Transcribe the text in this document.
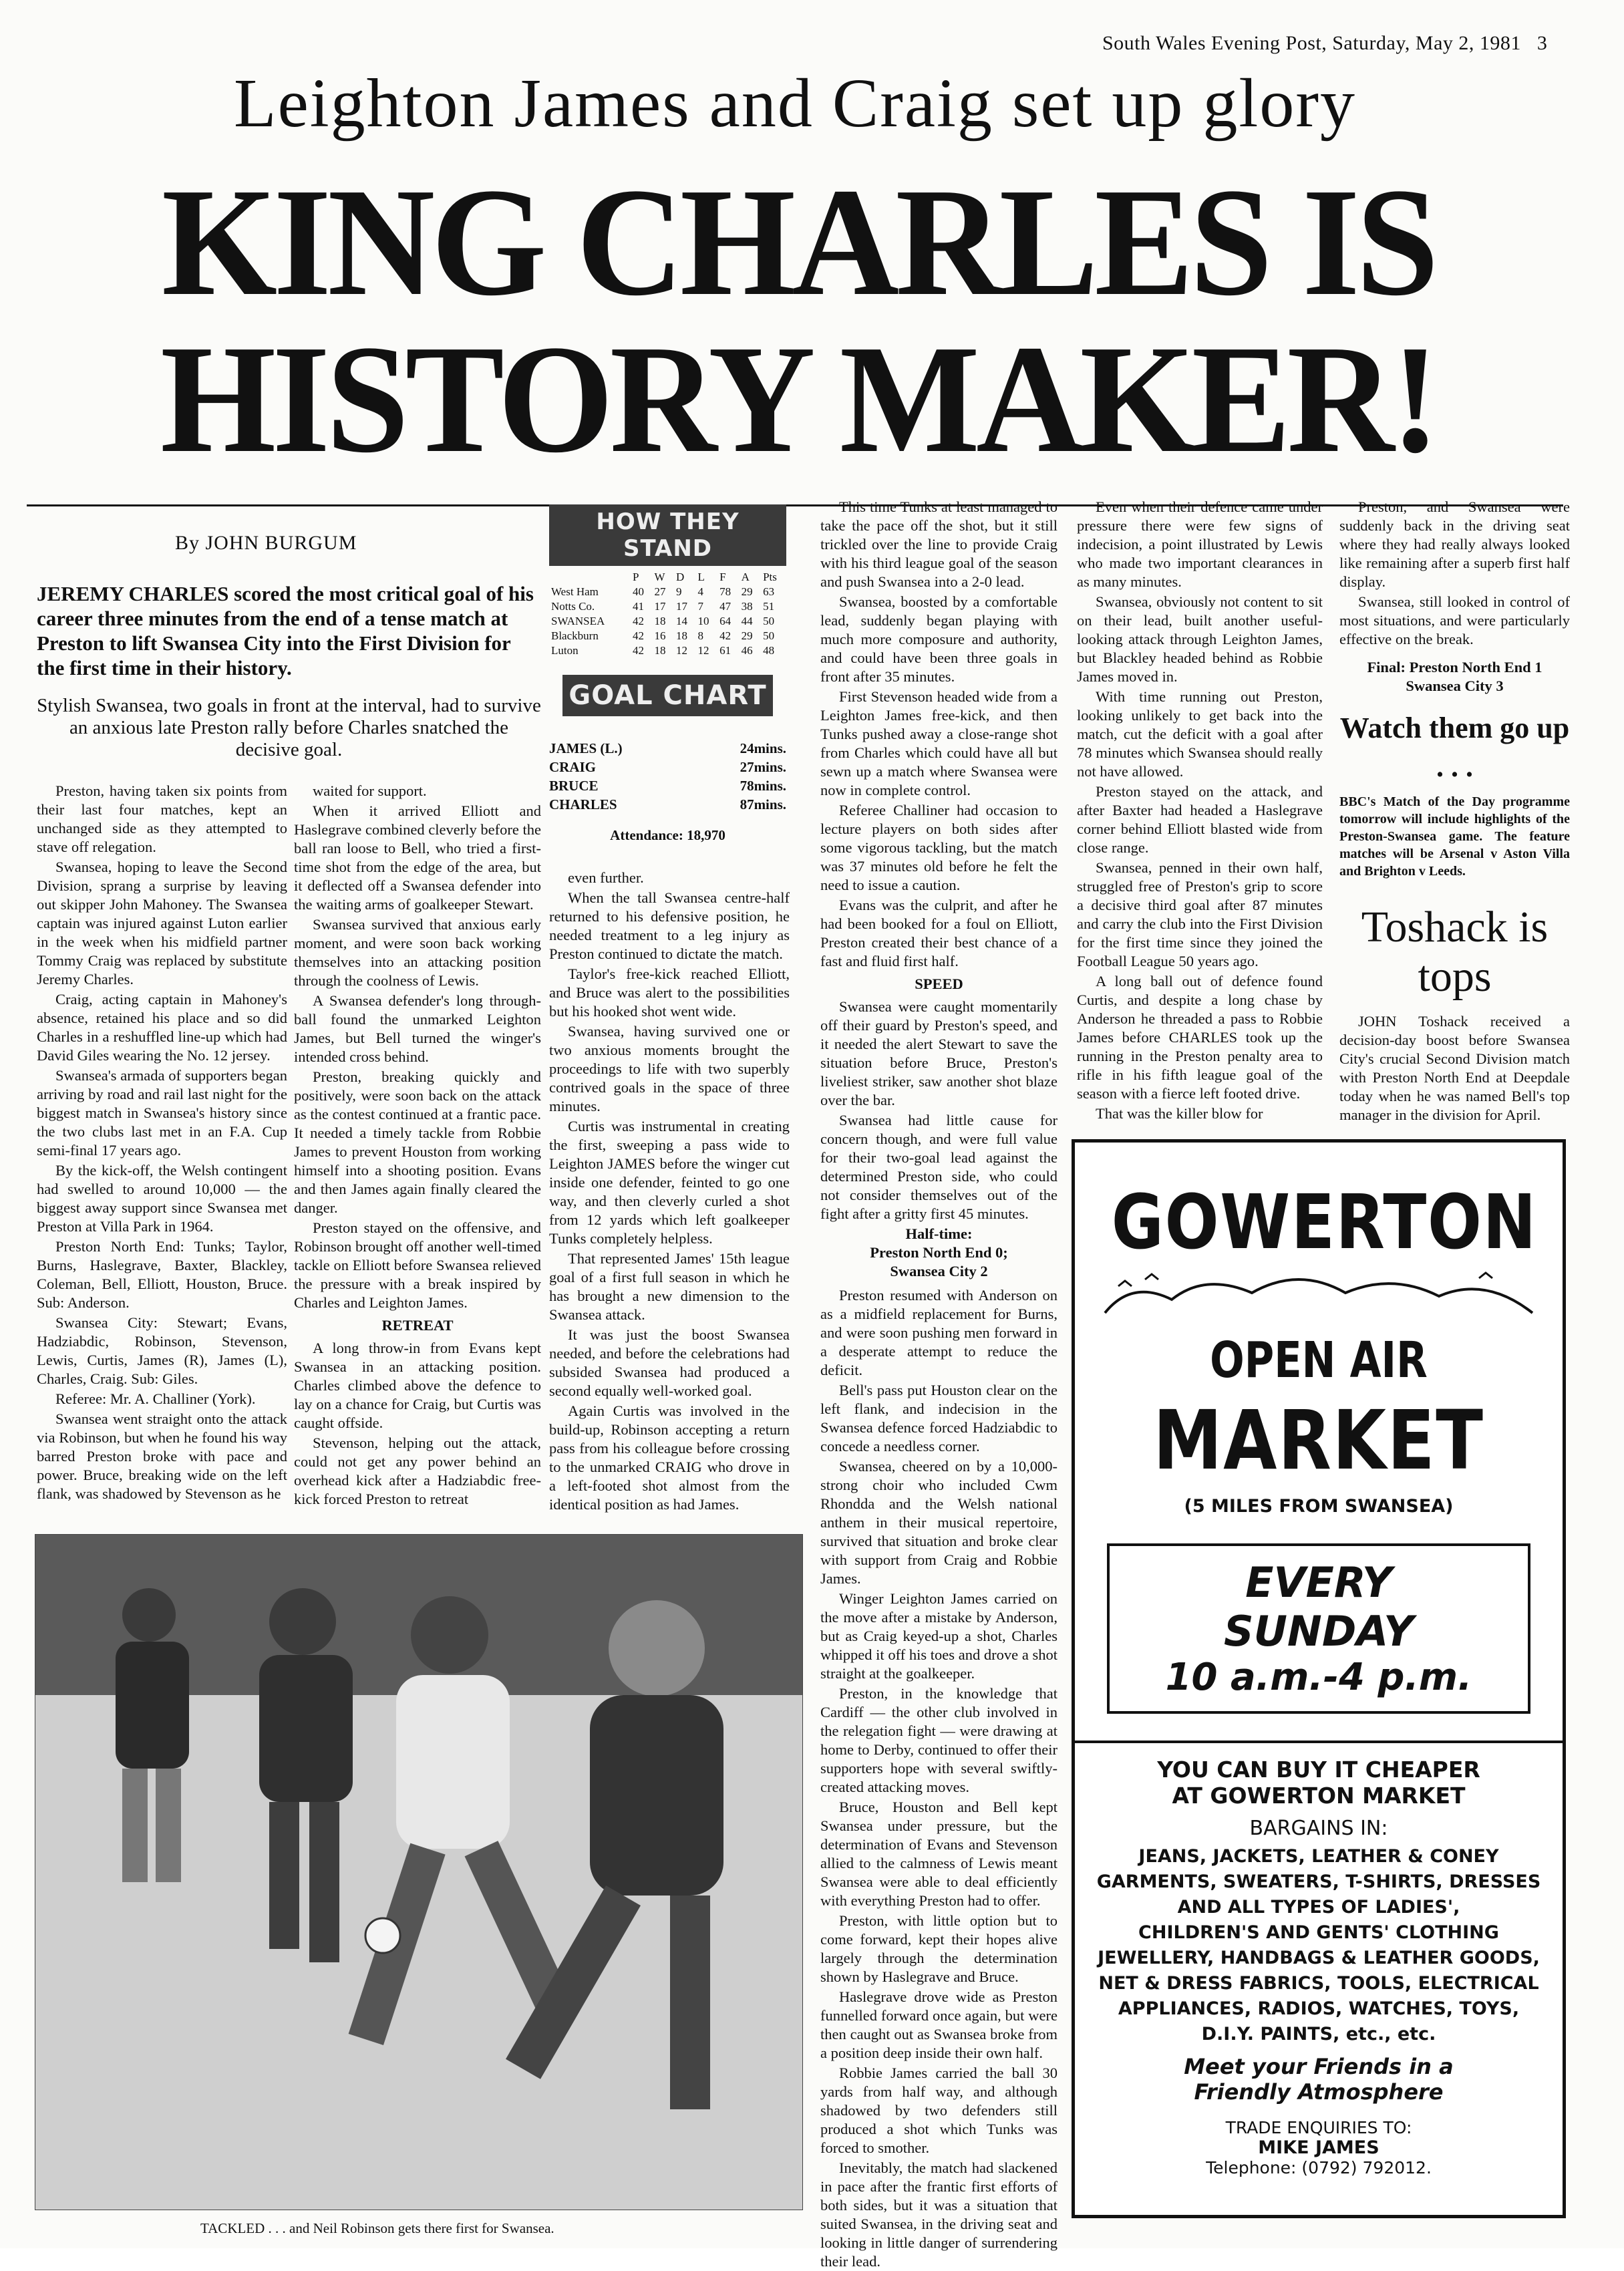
South Wales Evening Post, Saturday, May 2, 1981 3
Leighton James and Craig set up glory
KING CHARLES IS
HISTORY MAKER!
By JOHN BURGUM
JEREMY CHARLES scored the most critical goal of his career three minutes from the end of a tense match at Preston to lift Swansea City into the First Division for the first time in their history.
Stylish Swansea, two goals in front at the interval, had to survive an anxious late Preston rally before Charles snatched the decisive goal.

Preston, having taken six points from their last four matches, kept an unchanged side as they attempted to stave off relegation.

Swansea, hoping to leave the Second Division, sprang a surprise by leaving out skipper John Mahoney. The Swansea captain was injured against Luton earlier in the week when his midfield partner Tommy Craig was replaced by substitute Jeremy Charles.

Craig, acting captain in Mahoney's absence, retained his place and so did Charles in a reshuffled line-up which had David Giles wearing the No. 12 jersey.

Swansea's armada of supporters began arriving by road and rail last night for the biggest match in Swansea's history since the two clubs last met in an F.A. Cup semi-final 17 years ago.

By the kick-off, the Welsh contingent had swelled to around 10,000 — the biggest away support since Swansea met Preston at Villa Park in 1964.

Preston North End: Tunks; Taylor, Burns, Haslegrave, Baxter, Blackley, Coleman, Bell, Elliott, Houston, Bruce. Sub: Anderson.

Swansea City: Stewart; Evans, Hadziabdic, Robinson, Stevenson, Lewis, Curtis, James (R), James (L), Charles, Craig. Sub: Giles.

Referee: Mr. A. Challiner (York).

Swansea went straight onto the attack via Robinson, but when he found his way barred Preston broke with pace and power. Bruce, breaking wide on the left flank, was shadowed by Stevenson as he

waited for support.

When it arrived Elliott and Haslegrave combined cleverly before the ball ran loose to Bell, who tried a first-time shot from the edge of the area, but it deflected off a Swansea defender into the waiting arms of goalkeeper Stewart.

Swansea survived that anxious early moment, and were soon back working themselves into an attacking position through the coolness of Lewis.

A Swansea defender's long through-ball found the unmarked Leighton James, but Bell turned the winger's intended cross behind.

Preston, breaking quickly and positively, were soon back on the attack as the contest continued at a frantic pace. It needed a timely tackle from Robbie James to prevent Houston from working himself into a shooting position. Evans and then James again finally cleared the danger.

Preston stayed on the offensive, and Robinson brought off another well-timed tackle on Elliott before Swansea relieved the pressure with a break inspired by Charles and Leighton James.

RETREAT

A long throw-in from Evans kept Swansea in an attacking position. Charles climbed above the defence to lay on a chance for Craig, but Curtis was caught offside.

Stevenson, helping out the attack, could not get any power behind an overhead kick after a Hadziabdic free-kick forced Preston to retreat

HOW THEY STAND
	P	W	D	L	F	A	Pts
West Ham	40	27	9	4	78	29	63
Notts Co.	41	17	17	7	47	38	51
SWANSEA	42	18	14	10	64	44	50
Blackburn	42	16	18	8	42	29	50
Luton	42	18	12	12	61	46	48
GOAL CHART
JAMES (L.)	24mins.
CRAIG	27mins.
BRUCE	78mins.
CHARLES	87mins.
Attendance: 18,970

even further.

When the tall Swansea centre-half returned to his defensive position, he needed treatment to a leg injury as Preston continued to dictate the match.

Taylor's free-kick reached Elliott, and Bruce was alert to the possibilities but his hooked shot went wide.

Swansea, having survived one or two anxious moments brought the proceedings to life with two superbly contrived goals in the space of three minutes.

Curtis was instrumental in creating the first, sweeping a pass wide to Leighton JAMES before the winger cut inside one defender, feinted to go one way, and then cleverly curled a shot from 12 yards which left goalkeeper Tunks completely helpless.

That represented James' 15th league goal of a first full season in which he has brought a new dimension to the Swansea attack.

It was just the boost Swansea needed, and before the celebrations had subsided Swansea had produced a second equally well-worked goal.

Again Curtis was involved in the build-up, Robinson accepting a return pass from his colleague before crossing to the unmarked CRAIG who drove in a left-footed shot almost from the identical position as had James.

This time Tunks at least managed to take the pace off the shot, but it still trickled over the line to provide Craig with his third league goal of the season and push Swansea into a 2-0 lead.

Swansea, boosted by a comfortable lead, suddenly began playing with much more composure and authority, and could have been three goals in front after 35 minutes.

First Stevenson headed wide from a Leighton James free-kick, and then Tunks pushed away a close-range shot from Charles which could have all but sewn up a match where Swansea were now in complete control.

Referee Challiner had occasion to lecture players on both sides after some vigorous tackling, but the match was 37 minutes old before he felt the need to issue a caution.

Evans was the culprit, and after he had been booked for a foul on Elliott, Preston created their best chance of a fast and fluid first half.

SPEED

Swansea were caught momentarily off their guard by Preston's speed, and it needed the alert Stewart to save the situation before Bruce, Preston's liveliest striker, saw another shot blaze over the bar.

Swansea had little cause for concern though, and were full value for their two-goal lead against the determined Preston side, who could not consider themselves out of the fight after a gritty first 45 minutes.

Half-time:

Preston North End 0;

Swansea City 2

Preston resumed with Anderson on as a midfield replacement for Burns, and were soon pushing men forward in a desperate attempt to reduce the deficit.

Bell's pass put Houston clear on the left flank, and indecision in the Swansea defence forced Hadziabdic to concede a needless corner.

Swansea, cheered on by a 10,000-strong choir who included Cwm Rhondda and the Welsh national anthem in their musical repertoire, survived that situation and broke clear with support from Craig and Robbie James.

Winger Leighton James carried on the move after a mistake by Anderson, but as Craig keyed-up a shot, Charles whipped it off his toes and drove a shot straight at the goalkeeper.

Preston, in the knowledge that Cardiff — the other club involved in the relegation fight — were drawing at home to Derby, continued to offer their supporters hope with several swiftly-created attacking moves.

Bruce, Houston and Bell kept Swansea under pressure, but the determination of Evans and Stevenson allied to the calmness of Lewis meant Swansea were able to deal efficiently with everything Preston had to offer.

Preston, with little option but to come forward, kept their hopes alive largely through the determination shown by Haslegrave and Bruce.

Haslegrave drove wide as Preston funnelled forward once again, but were then caught out as Swansea broke from a position deep inside their own half.

Robbie James carried the ball 30 yards from half way, and although shadowed by two defenders still produced a shot which Tunks was forced to smother.

Inevitably, the match had slackened in pace after the frantic first efforts of both sides, but it was a situation that suited Swansea, in the driving seat and looking in little danger of surrendering their lead.

Even when their defence came under pressure there were few signs of indecision, a point illustrated by Lewis who made two important clearances in as many minutes.

Swansea, obviously not content to sit on their lead, built another useful-looking attack through Leighton James, but Blackley headed behind as Robbie James moved in.

With time running out Preston, looking unlikely to get back into the match, cut the deficit with a goal after 78 minutes which Swansea should really not have allowed.

Preston stayed on the attack, and after Baxter had headed a Haslegrave corner behind Elliott blasted wide from close range.

Swansea, penned in their own half, struggled free of Preston's grip to score a decisive third goal after 87 minutes and carry the club into the First Division for the first time since they joined the Football League 50 years ago.

A long ball out of defence found Curtis, and despite a long chase by Anderson he threaded a pass to Robbie James before CHARLES took up the running in the Preston penalty area to rifle in his fifth league goal of the season with a fierce left footed drive.

That was the killer blow for

Preston, and Swansea were suddenly back in the driving seat where they had really always looked like remaining after a superb first half display.

Swansea, still looked in control of most situations, and were particularly effective on the break.

Final: Preston North End 1

Swansea City 3

Watch them go up . . .
BBC's Match of the Day programme tomorrow will include highlights of the Preston-Swansea game. The feature matches will be Arsenal v Aston Villa and Brighton v Leeds.
Toshack is tops

JOHN Toshack received a decision-day boost before Swansea City's crucial Second Division match with Preston North End at Deepdale today when he was named Bell's top manager in the division for April.

TACKLED . . . and Neil Robinson gets there first for Swansea.
GOWERTON
OPEN AIR
MARKET
(5 MILES FROM SWANSEA)
EVERY
SUNDAY
10 a.m.-4 p.m.
YOU CAN BUY IT CHEAPER
AT GOWERTON MARKET
BARGAINS IN:
JEANS, JACKETS, LEATHER & CONEY
GARMENTS, SWEATERS, T-SHIRTS, DRESSES
AND ALL TYPES OF LADIES',
CHILDREN'S AND GENTS' CLOTHING
JEWELLERY, HANDBAGS & LEATHER GOODS,
NET & DRESS FABRICS, TOOLS, ELECTRICAL
APPLIANCES, RADIOS, WATCHES, TOYS,
D.I.Y. PAINTS, etc., etc.
Meet your Friends in a
Friendly Atmosphere
TRADE ENQUIRIES TO:
MIKE JAMES
Telephone: (0792) 792012.
